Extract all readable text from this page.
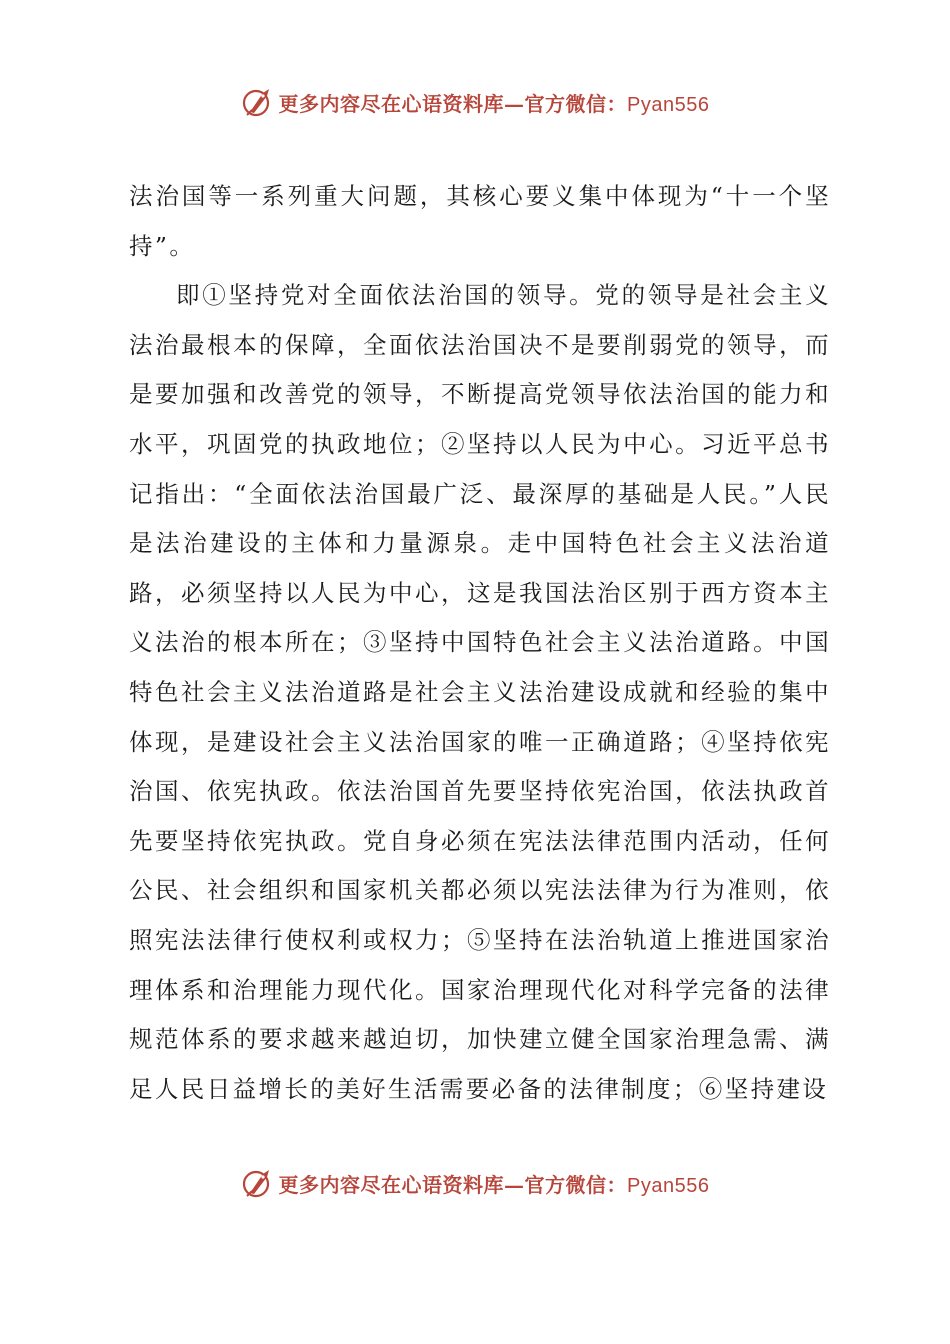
更多内容尽在心语资料库—官方微信：Pyan556

法治国等一系列重大问题，其核心要义集中体现为“十一个坚持”。

即①坚持党对全面依法治国的领导。党的领导是社会主义法治最根本的保障，全面依法治国决不是要削弱党的领导，而是要加强和改善党的领导，不断提高党领导依法治国的能力和水平，巩固党的执政地位；②坚持以人民为中心。习近平总书记指出：“全面依法治国最广泛、最深厚的基础是人民。”人民是法治建设的主体和力量源泉。走中国特色社会主义法治道路，必须坚持以人民为中心，这是我国法治区别于西方资本主义法治的根本所在；③坚持中国特色社会主义法治道路。中国特色社会主义法治道路是社会主义法治建设成就和经验的集中体现，是建设社会主义法治国家的唯一正确道路；④坚持依宪治国、依宪执政。依法治国首先要坚持依宪治国，依法执政首先要坚持依宪执政。党自身必须在宪法法律范围内活动，任何公民、社会组织和国家机关都必须以宪法法律为行为准则，依照宪法法律行使权利或权力；⑤坚持在法治轨道上推进国家治理体系和治理能力现代化。国家治理现代化对科学完备的法律规范体系的要求越来越迫切，加快建立健全国家治理急需、满足人民日益增长的美好生活需要必备的法律制度；⑥坚持建设

更多内容尽在心语资料库—官方微信：Pyan556
